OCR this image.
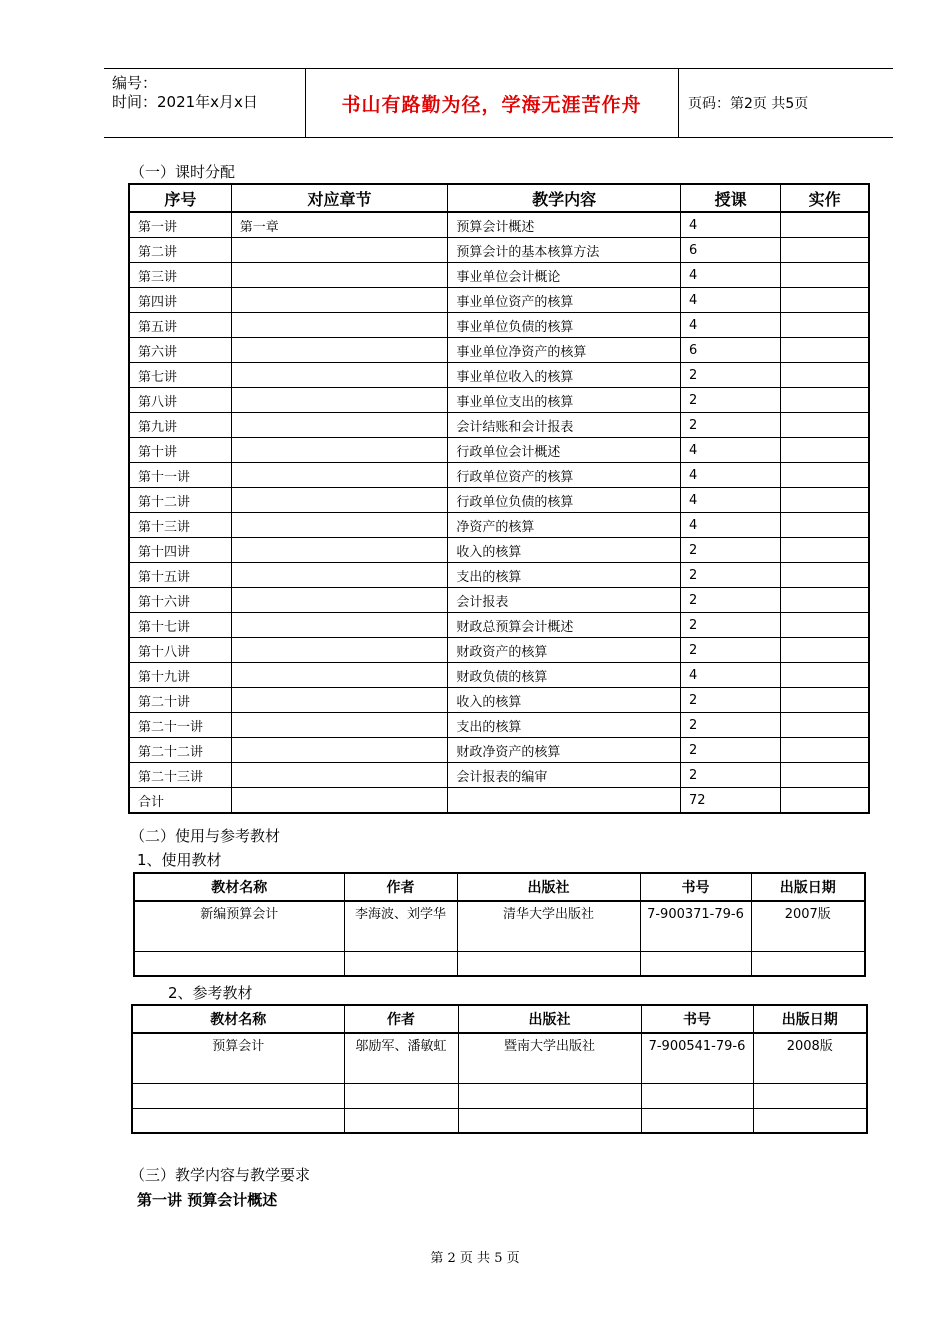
编号：
时间：2021年x月x日	书山有路勤为径，学海无涯苦作舟	页码：第2页 共5页
（一）课时分配
序号	对应章节	教学内容	授课	实作
第一讲	第一章	预算会计概述	4	
第二讲		预算会计的基本核算方法	6	
第三讲		事业单位会计概论	4	
第四讲		事业单位资产的核算	4	
第五讲		事业单位负债的核算	4	
第六讲		事业单位净资产的核算	6	
第七讲		事业单位收入的核算	2	
第八讲		事业单位支出的核算	2	
第九讲		会计结账和会计报表	2	
第十讲		行政单位会计概述	4	
第十一讲		行政单位资产的核算	4	
第十二讲		行政单位负债的核算	4	
第十三讲		净资产的核算	4	
第十四讲		收入的核算	2	
第十五讲		支出的核算	2	
第十六讲		会计报表	2	
第十七讲		财政总预算会计概述	2	
第十八讲		财政资产的核算	2	
第十九讲		财政负债的核算	4	
第二十讲		收入的核算	2	
第二十一讲		支出的核算	2	
第二十二讲		财政净资产的核算	2	
第二十三讲		会计报表的编审	2	
合计			72	
（二）使用与参考教材
1、使用教材
教材名称	作者	出版社	书号	出版日期
新编预算会计	李海波、刘学华	清华大学出版社	7-900371-79-6	2007版

2、参考教材
教材名称	作者	出版社	书号	出版日期
预算会计	邬励军、潘敏虹	暨南大学出版社	7-900541-79-6	2008版

（三）教学内容与教学要求
第一讲 预算会计概述
第 2 页 共 5 页
